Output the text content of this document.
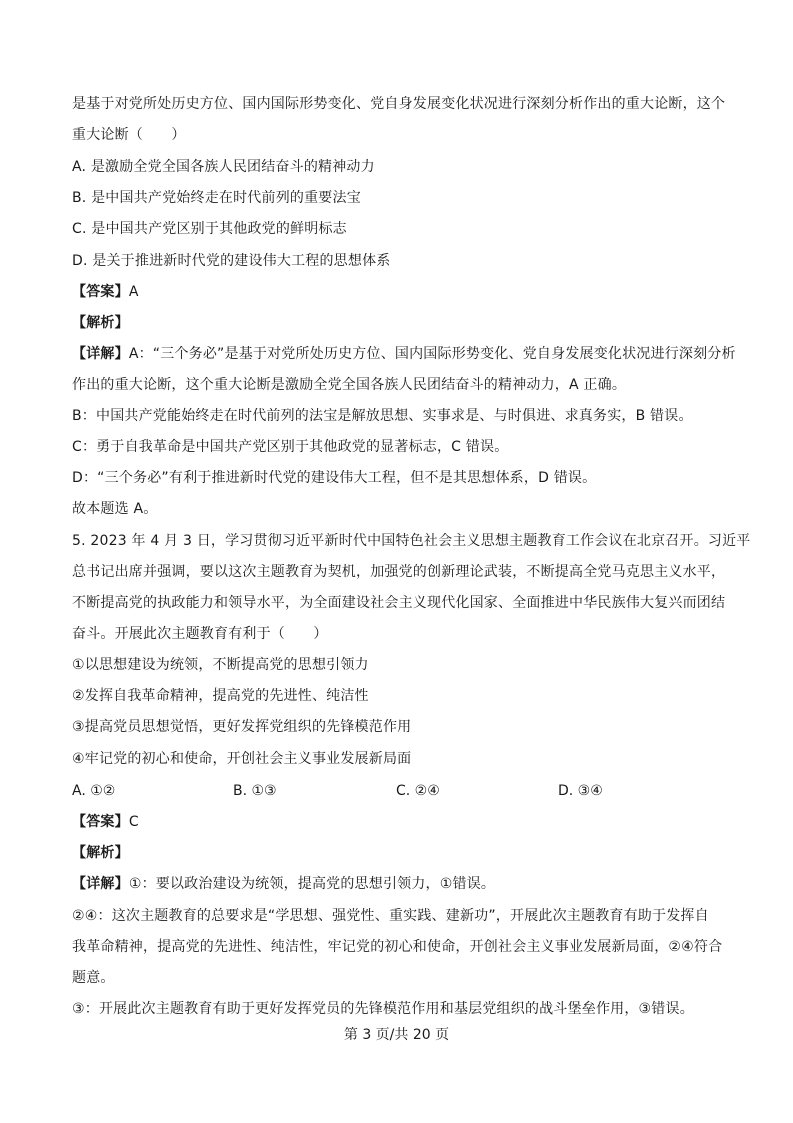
是基于对党所处历史方位、国内国际形势变化、党自身发展变化状况进行深刻分析作出的重大论断，这个
重大论断（　　）
A. 是激励全党全国各族人民团结奋斗的精神动力
B. 是中国共产党始终走在时代前列的重要法宝
C. 是中国共产党区别于其他政党的鲜明标志
D. 是关于推进新时代党的建设伟大工程的思想体系
【答案】A
【解析】
【详解】A：“三个务必”是基于对党所处历史方位、国内国际形势变化、党自身发展变化状况进行深刻分析
作出的重大论断，这个重大论断是激励全党全国各族人民团结奋斗的精神动力，A 正确。
B：中国共产党能始终走在时代前列的法宝是解放思想、实事求是、与时俱进、求真务实，B 错误。
C：勇于自我革命是中国共产党区别于其他政党的显著标志，C 错误。
D：“三个务必”有利于推进新时代党的建设伟大工程，但不是其思想体系，D 错误。
故本题选 A。
5. 2023 年 4 月 3 日，学习贯彻习近平新时代中国特色社会主义思想主题教育工作会议在北京召开。习近平
总书记出席并强调，要以这次主题教育为契机，加强党的创新理论武装，不断提高全党马克思主义水平，
不断提高党的执政能力和领导水平，为全面建设社会主义现代化国家、全面推进中华民族伟大复兴而团结
奋斗。开展此次主题教育有利于（　　）
①以思想建设为统领，不断提高党的思想引领力
②发挥自我革命精神，提高党的先进性、纯洁性
③提高党员思想觉悟，更好发挥党组织的先锋模范作用
④牢记党的初心和使命，开创社会主义事业发展新局面
A. ①②	B. ①③	C. ②④	D. ③④
【答案】C
【解析】
【详解】①：要以政治建设为统领，提高党的思想引领力，①错误。
②④：这次主题教育的总要求是“学思想、强党性、重实践、建新功”，开展此次主题教育有助于发挥自
我革命精神，提高党的先进性、纯洁性，牢记党的初心和使命，开创社会主义事业发展新局面，②④符合
题意。
③：开展此次主题教育有助于更好发挥党员的先锋模范作用和基层党组织的战斗堡垒作用，③错误。
第 3 页/共 20 页
